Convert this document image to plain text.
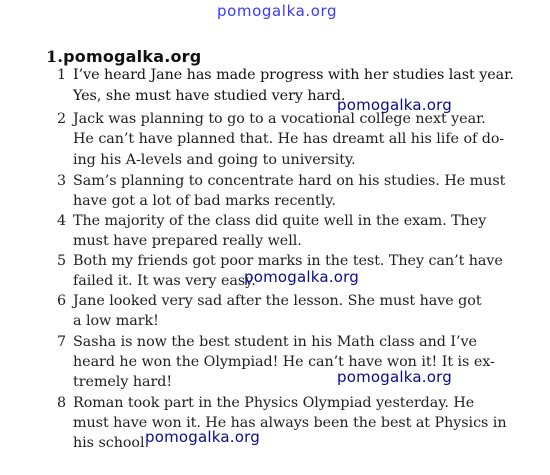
pomogalka.org
1.pomogalka.org
1 I’ve heard Jane has made progress with her studies last year.
Yes, she must have studied very hard.
2 Jack was planning to go to a vocational college next year.
He can’t have planned that. He has dreamt all his life of do-
ing his A-levels and going to university.
3 Sam’s planning to concentrate hard on his studies. He must
have got a lot of bad marks recently.
4 The majority of the class did quite well in the exam. They
must have prepared really well.
5 Both my friends got poor marks in the test. They can’t have
failed it. It was very easy.
6 Jane looked very sad after the lesson. She must have got
a low mark!
7 Sasha is now the best student in his Math class and I’ve
heard he won the Olympiad! He can’t have won it! It is ex-
tremely hard!
8 Roman took part in the Physics Olympiad yesterday. He
must have won it. He has always been the best at Physics in
his school.
pomogalka.org
pomogalka.org
pomogalka.org
pomogalka.org
